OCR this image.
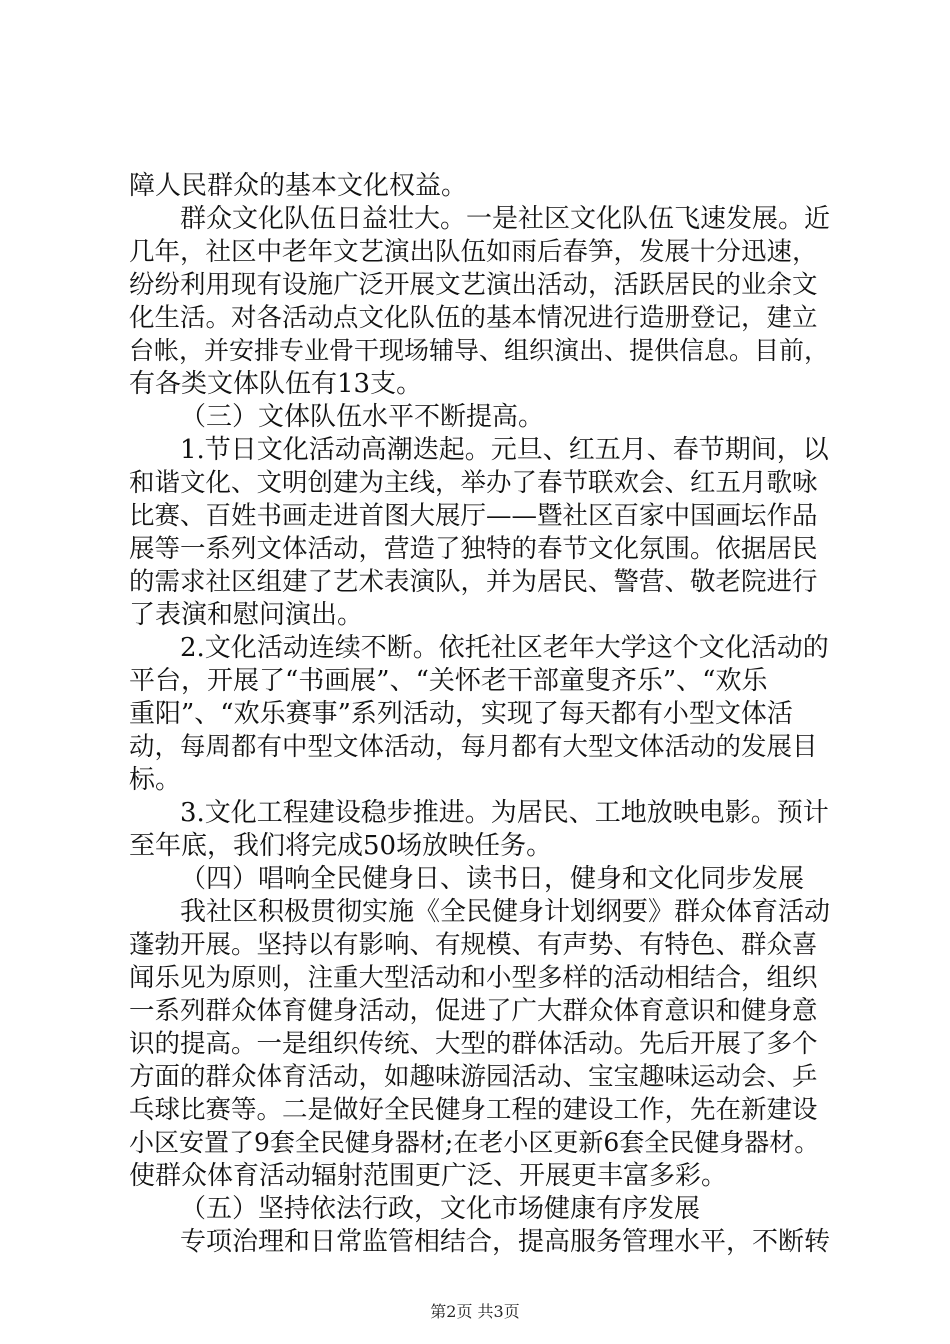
障人民群众的基本文化权益。
群众文化队伍日益壮大。一是社区文化队伍飞速发展。近
几年，社区中老年文艺演出队伍如雨后春笋，发展十分迅速，
纷纷利用现有设施广泛开展文艺演出活动，活跃居民的业余文
化生活。对各活动点文化队伍的基本情况进行造册登记，建立
台帐，并安排专业骨干现场辅导、组织演出、提供信息。目前，
有各类文体队伍有13支。
（三）文体队伍水平不断提高。
1.节日文化活动高潮迭起。元旦、红五月、春节期间，以
和谐文化、文明创建为主线，举办了春节联欢会、红五月歌咏
比赛、百姓书画走进首图大展厅——暨社区百家中国画坛作品
展等一系列文体活动，营造了独特的春节文化氛围。依据居民
的需求社区组建了艺术表演队，并为居民、警营、敬老院进行
了表演和慰问演出。
2.文化活动连续不断。依托社区老年大学这个文化活动的
平台，开展了“书画展”、“关怀老干部童叟齐乐”、“欢乐
重阳”、“欢乐赛事”系列活动，实现了每天都有小型文体活
动，每周都有中型文体活动，每月都有大型文体活动的发展目
标。
3.文化工程建设稳步推进。为居民、工地放映电影。预计
至年底，我们将完成50场放映任务。
（四）唱响全民健身日、读书日，健身和文化同步发展
我社区积极贯彻实施《全民健身计划纲要》群众体育活动
蓬勃开展。坚持以有影响、有规模、有声势、有特色、群众喜
闻乐见为原则，注重大型活动和小型多样的活动相结合，组织
一系列群众体育健身活动，促进了广大群众体育意识和健身意
识的提高。一是组织传统、大型的群体活动。先后开展了多个
方面的群众体育活动，如趣味游园活动、宝宝趣味运动会、乒
乓球比赛等。二是做好全民健身工程的建设工作，先在新建设
小区安置了9套全民健身器材;在老小区更新6套全民健身器材。
使群众体育活动辐射范围更广泛、开展更丰富多彩。
（五）坚持依法行政，文化市场健康有序发展
专项治理和日常监管相结合，提高服务管理水平，不断转
第2页 共3页
